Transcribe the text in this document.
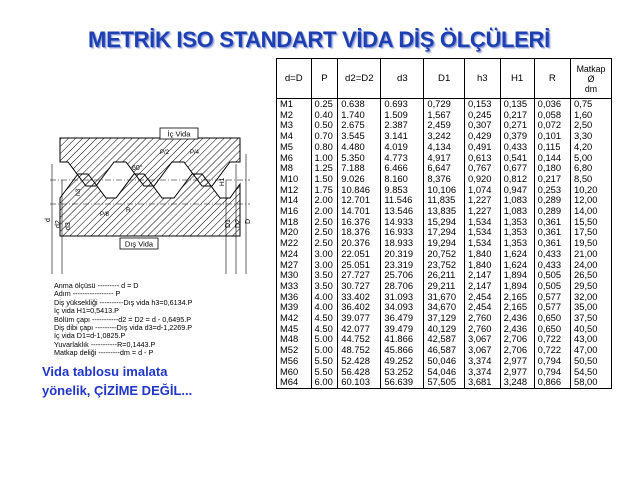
METRİK ISO STANDART VİDA DİŞ ÖLÇÜLERİ
İç Vida
Dış Vida
60°
H1
h3
R
d
d2 d3
D
D1 D2
P/2	P/4
P/8
Anma ölçüsü --------- d = D
Adım ----------------- P
Diş yüksekliği ----------Dış vida h3=0,6134.P
İç vida H1=0,5413.P
Bölüm çapı -----------d2 = D2 = d - 0,6495.P
Diş dibi çapı ---------Dış vida d3=d-1,2269.P
İç vida D1=d-1,0825.P
Yuvarlaklık -----------R=0,1443.P
Matkap deliği ---------dm = d - P
Vida tablosu imalata
yönelik, ÇİZİME DEĞİL...
d=D	P	d2=D2	d3	D1	h3	H1	R	Matkap
Ø
dm

M1	0.25	0.638	0.693	0,729	0,153	0,135	0,036	0,75
M2	0.40	1.740	1.509	1,567	0,245	0,217	0,058	1,60
M3	0.50	2.675	2.387	2,459	0,307	0,271	0,072	2,50
M4	0.70	3.545	3.141	3,242	0,429	0,379	0,101	3,30
M5	0.80	4.480	4.019	4,134	0,491	0,433	0,115	4,20
M6	1.00	5.350	4.773	4,917	0,613	0,541	0,144	5,00
M8	1.25	7.188	6.466	6,647	0,767	0,677	0,180	6,80
M10	1.50	9.026	8.160	8,376	0,920	0,812	0,217	8,50
M12	1.75	10.846	9.853	10,106	1,074	0,947	0,253	10,20
M14	2.00	12.701	11.546	11,835	1,227	1,083	0,289	12,00
M16	2.00	14.701	13.546	13,835	1,227	1,083	0,289	14,00
M18	2.50	16.376	14.933	15,294	1,534	1,353	0,361	15,50
M20	2.50	18.376	16.933	17,294	1,534	1,353	0,361	17,50
M22	2.50	20.376	18.933	19,294	1,534	1,353	0,361	19,50
M24	3.00	22.051	20.319	20,752	1,840	1,624	0,433	21,00
M27	3.00	25.051	23.319	23,752	1,840	1,624	0,433	24,00
M30	3.50	27.727	25.706	26,211	2,147	1,894	0,505	26,50
M33	3.50	30.727	28.706	29,211	2,147	1,894	0,505	29,50
M36	4.00	33.402	31.093	31,670	2,454	2,165	0,577	32,00
M39	4.00	36.402	34.093	34,670	2,454	2,165	0,577	35,00
M42	4.50	39.077	36.479	37,129	2,760	2,436	0,650	37,50
M45	4.50	42.077	39.479	40,129	2,760	2,436	0,650	40,50
M48	5.00	44.752	41.866	42,587	3,067	2,706	0,722	43,00
M52	5.00	48.752	45.866	46,587	3,067	2,706	0,722	47,00
M56	5.50	52.428	49.252	50,046	3,374	2,977	0,794	50,50
M60	5.50	56.428	53.252	54,046	3,374	2,977	0,794	54,50
M64	6.00	60.103	56.639	57,505	3,681	3,248	0,866	58,00
